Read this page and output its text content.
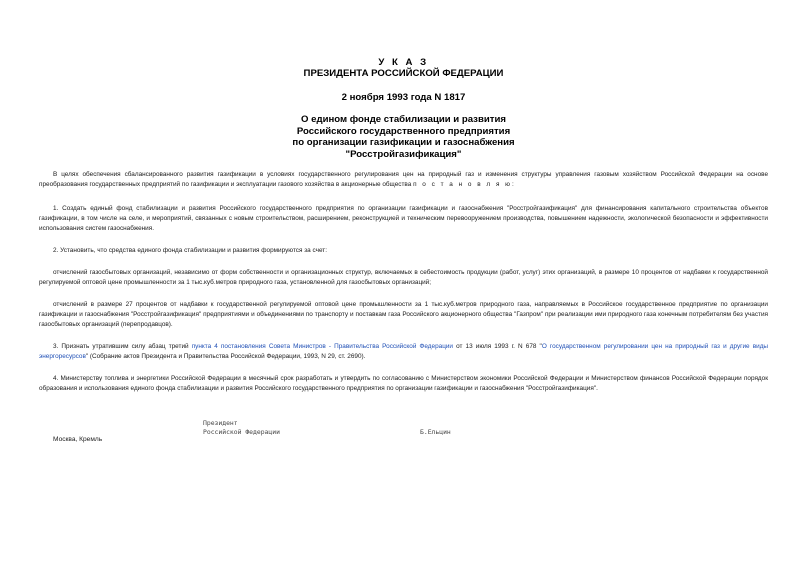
У К А З
ПРЕЗИДЕНТА РОССИЙСКОЙ ФЕДЕРАЦИИ
2 ноября 1993 года N 1817
О едином фонде стабилизации и развития
Российского государственного предприятия
по организации газификации и газоснабжения
"Росстройгазификация"

В целях обеспечения сбалансированного развития газификации в условиях государственного регулирования цен на природный газ и изменения структуры управления газовым хозяйством Российской Федерации на основе преобразования государственных предприятий по газификации и эксплуатации газового хозяйства в акционерные общества п о с т а н о в л я ю:

1. Создать единый фонд стабилизации и развития Российского государственного предприятия по организации газификации и газоснабжения "Росстройгазификация" для финансирования капитального строительства объектов газификации, в том числе на селе, и мероприятий, связанных с новым строительством, расширением, реконструкцией и техническим перевооружением производства, повышением надежности, экологической безопасности и эффективности использования систем газоснабжения.

2. Установить, что средства единого фонда стабилизации и развития формируются за счет:

отчислений газосбытовых организаций, независимо от форм собственности и организационных структур, включаемых в себестоимость продукции (работ, услуг) этих организаций, в размере 10 процентов от надбавки к государственной регулируемой оптовой цене промышленности за 1 тыс.куб.метров природного газа, установленной для газосбытовых организаций;

отчислений в размере 27 процентов от надбавки к государственной регулируемой оптовой цене промышленности за 1 тыс.куб.метров природного газа, направляемых в Российское государственное предприятие по организации газификации и газоснабжения "Росстройгазификация" предприятиями и объединениями по транспорту и поставкам газа Российского акционерного общества "Газпром" при реализации ими природного газа конечным потребителям без участия газосбытовых организаций (перепродавцов).

3. Признать утратившим силу абзац третий пункта 4 постановления Совета Министров - Правительства Российской Федерации от 13 июля 1993 г. N 678 "О государственном регулировании цен на природный газ и другие виды энергоресурсов" (Собрание актов Президента и Правительства Российской Федерации, 1993, N 29, ст. 2690).

4. Министерству топлива и энергетики Российской Федерации в месячный срок разработать и утвердить по согласованию с Министерством экономики Российской Федерации и Министерством финансов Российской Федерации порядок образования и использования единого фонда стабилизации и развития Российского государственного предприятия по организации газификации и газоснабжения "Росстройгазификация".

Президент
Российской Федерации	Б.Ельцин
Москва, Кремль
